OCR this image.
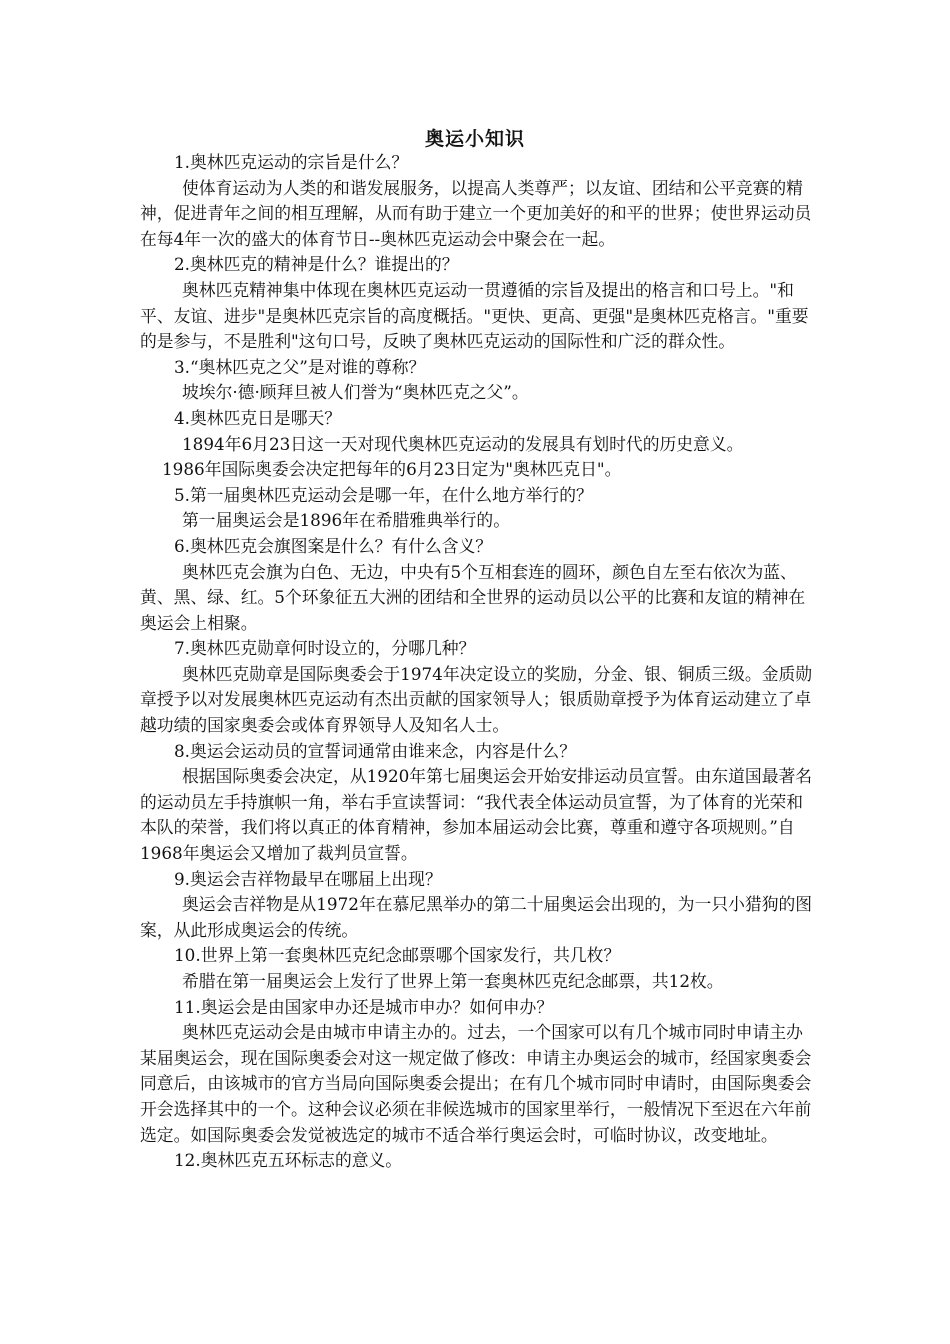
奥运小知识

1.奥林匹克运动的宗旨是什么？

使体育运动为人类的和谐发展服务，以提高人类尊严；以友谊、团结和公平竞赛的精神，促进青年之间的相互理解，从而有助于建立一个更加美好的和平的世界；使世界运动员在每4年一次的盛大的体育节日--奥林匹克运动会中聚会在一起。

2.奥林匹克的精神是什么？谁提出的？

奥林匹克精神集中体现在奥林匹克运动一贯遵循的宗旨及提出的格言和口号上。"和平、友谊、进步"是奥林匹克宗旨的高度概括。"更快、更高、更强"是奥林匹克格言。"重要的是参与，不是胜利"这句口号，反映了奥林匹克运动的国际性和广泛的群众性。

3.“奥林匹克之父”是对谁的尊称？

坡埃尔·德·顾拜旦被人们誉为“奥林匹克之父”。

4.奥林匹克日是哪天？

1894年6月23日这一天对现代奥林匹克运动的发展具有划时代的历史意义。

1986年国际奥委会决定把每年的6月23日定为"奥林匹克日"。

5.第一届奥林匹克运动会是哪一年，在什么地方举行的？

第一届奥运会是1896年在希腊雅典举行的。

6.奥林匹克会旗图案是什么？有什么含义？

奥林匹克会旗为白色、无边，中央有5个互相套连的圆环，颜色自左至右依次为蓝、黄、黑、绿、红。5个环象征五大洲的团结和全世界的运动员以公平的比赛和友谊的精神在奥运会上相聚。

7.奥林匹克勋章何时设立的，分哪几种？

奥林匹克勋章是国际奥委会于1974年决定设立的奖励，分金、银、铜质三级。金质勋章授予以对发展奥林匹克运动有杰出贡献的国家领导人；银质勋章授予为体育运动建立了卓越功绩的国家奥委会或体育界领导人及知名人士。

8.奥运会运动员的宣誓词通常由谁来念，内容是什么？

根据国际奥委会决定，从1920年第七届奥运会开始安排运动员宣誓。由东道国最著名的运动员左手持旗帜一角，举右手宣读誓词：“我代表全体运动员宣誓，为了体育的光荣和本队的荣誉，我们将以真正的体育精神，参加本届运动会比赛，尊重和遵守各项规则。”自1968年奥运会又增加了裁判员宣誓。

9.奥运会吉祥物最早在哪届上出现？

奥运会吉祥物是从1972年在慕尼黑举办的第二十届奥运会出现的，为一只小猎狗的图案，从此形成奥运会的传统。

10.世界上第一套奥林匹克纪念邮票哪个国家发行，共几枚？

希腊在第一届奥运会上发行了世界上第一套奥林匹克纪念邮票，共12枚。

11.奥运会是由国家申办还是城市申办？如何申办？

奥林匹克运动会是由城市申请主办的。过去，一个国家可以有几个城市同时申请主办某届奥运会，现在国际奥委会对这一规定做了修改：申请主办奥运会的城市，经国家奥委会同意后，由该城市的官方当局向国际奥委会提出；在有几个城市同时申请时，由国际奥委会开会选择其中的一个。这种会议必须在非候选城市的国家里举行，一般情况下至迟在六年前选定。如国际奥委会发觉被选定的城市不适合举行奥运会时，可临时协议，改变地址。

12.奥林匹克五环标志的意义。
